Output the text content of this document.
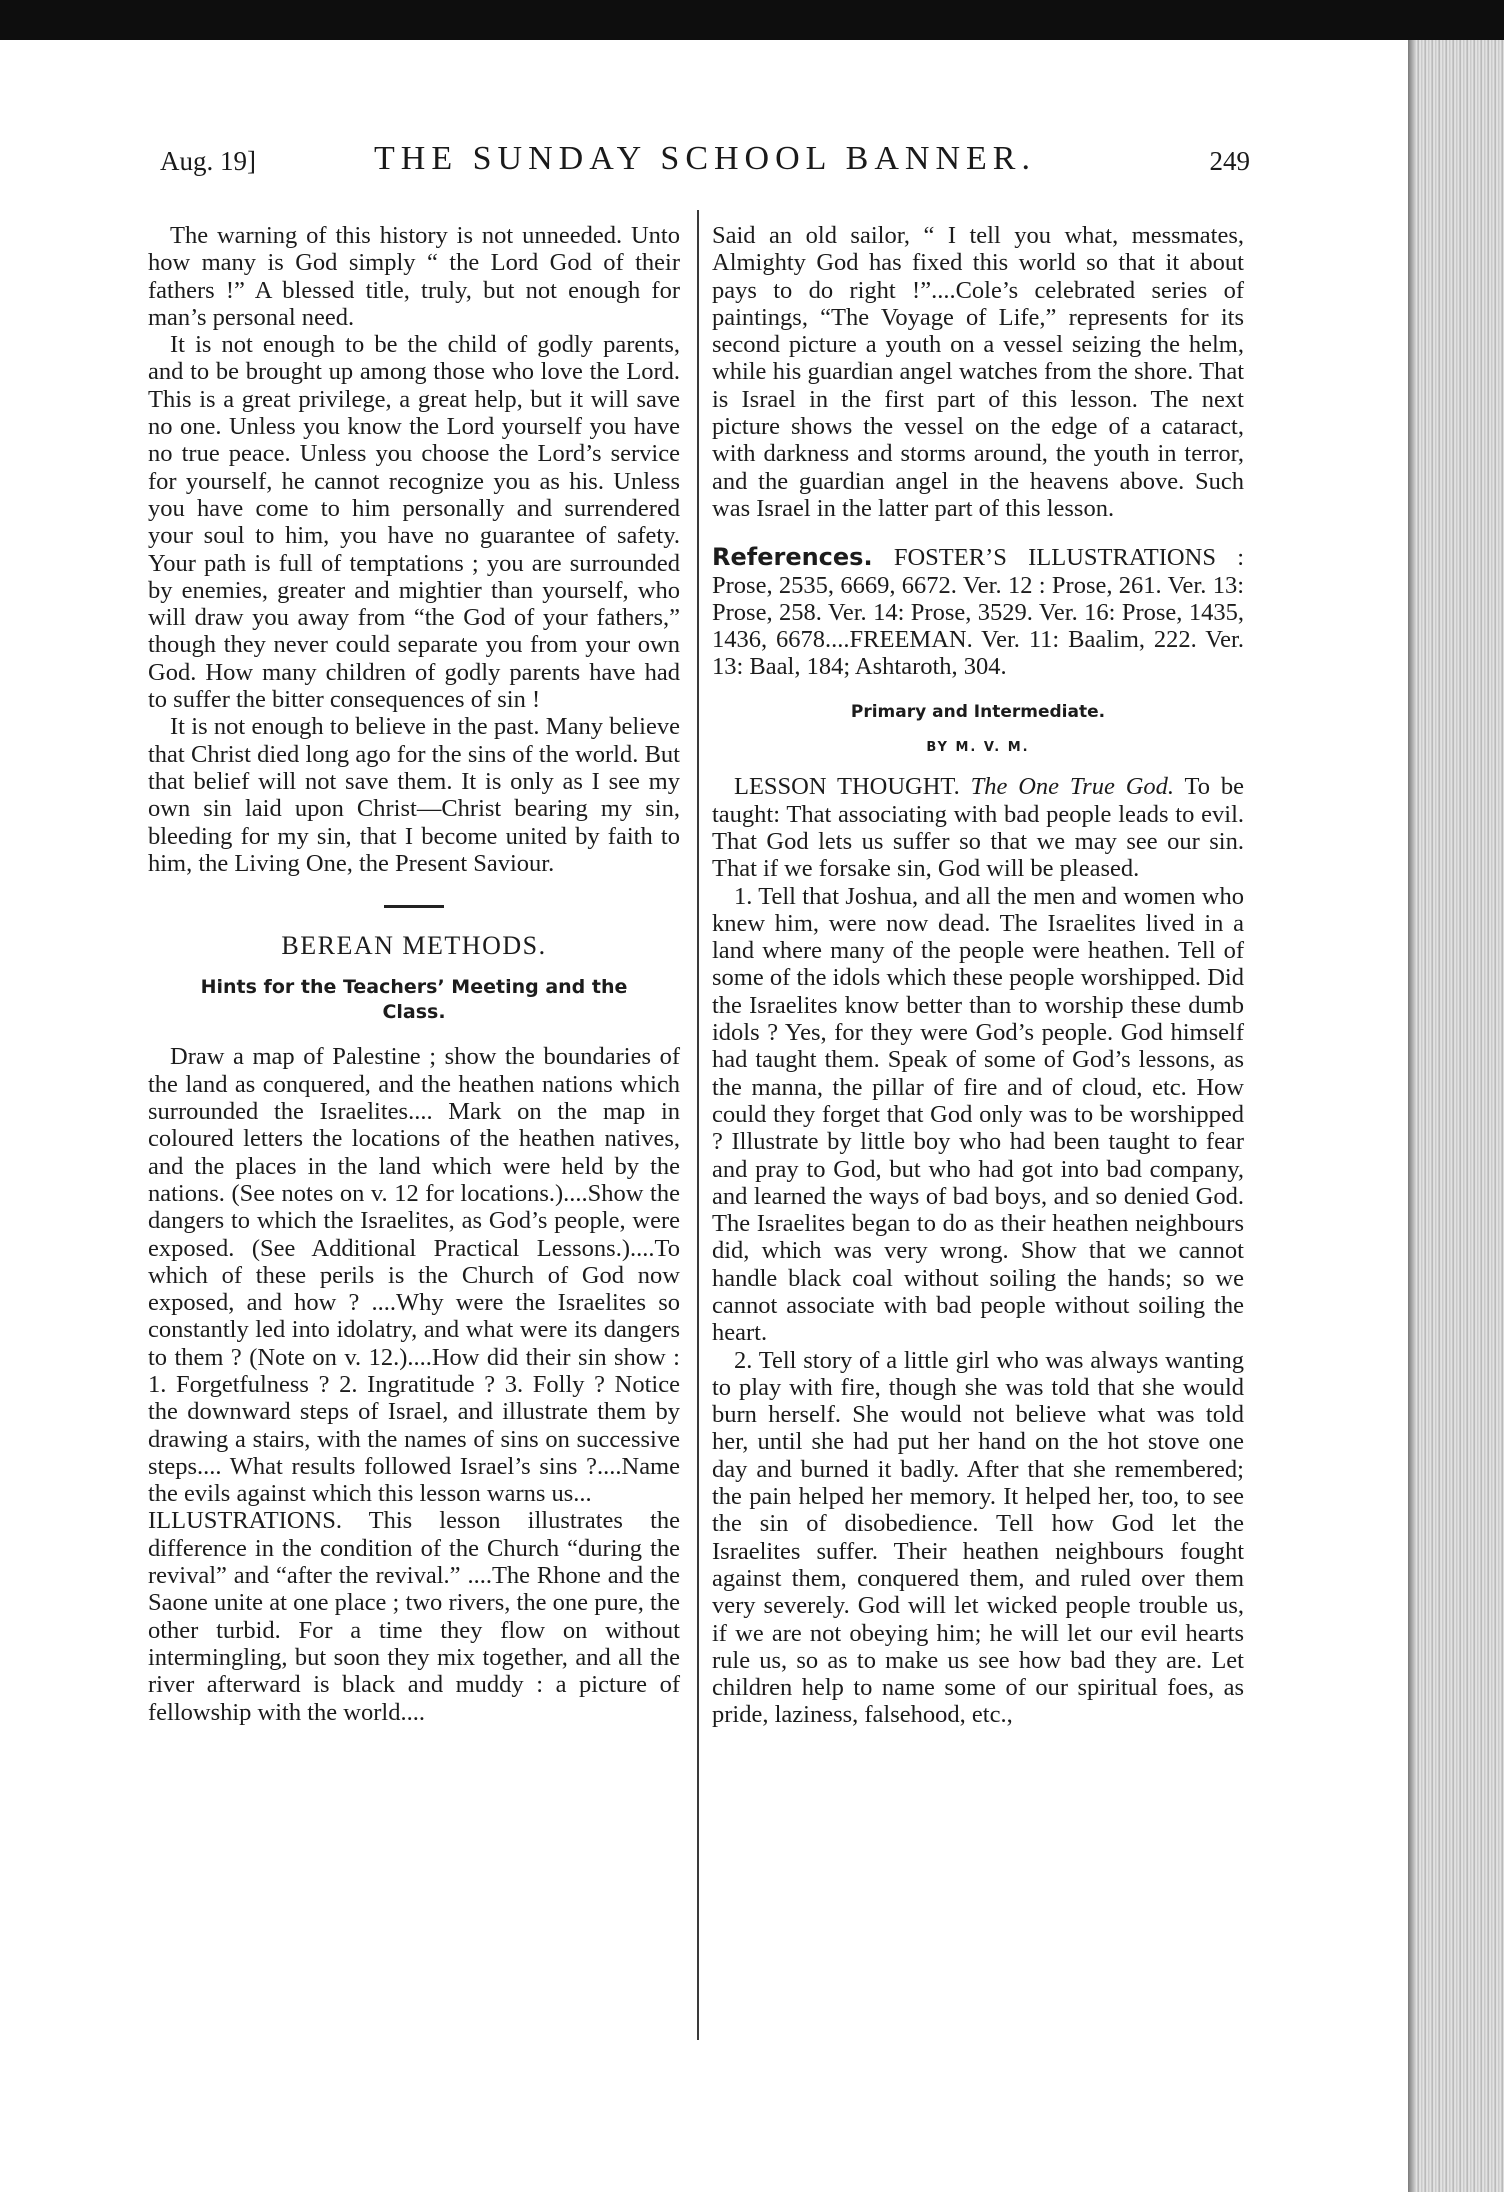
Aug. 19]	THE SUNDAY SCHOOL BANNER.	249

The warning of this history is not unneeded. Unto how many is God simply “ the Lord God of their fathers !” A blessed title, truly, but not enough for man’s personal need.

It is not enough to be the child of godly parents, and to be brought up among those who love the Lord. This is a great privilege, a great help, but it will save no one. Unless you know the Lord yourself you have no true peace. Unless you choose the Lord’s service for yourself, he cannot recognize you as his. Unless you have come to him personally and surrendered your soul to him, you have no guarantee of safety. Your path is full of temptations ; you are surrounded by enemies, greater and mightier than yourself, who will draw you away from “the God of your fathers,” though they never could separate you from your own God. How many children of godly parents have had to suffer the bitter consequences of sin !

It is not enough to believe in the past. Many believe that Christ died long ago for the sins of the world. But that belief will not save them. It is only as I see my own sin laid upon Christ—Christ bearing my sin, bleeding for my sin, that I become united by faith to him, the Living One, the Present Saviour.

BEREAN METHODS.
Hints for the Teachers’ Meeting and the Class.

Draw a map of Palestine ; show the boundaries of the land as conquered, and the heathen nations which surrounded the Israelites.... Mark on the map in coloured letters the locations of the heathen natives, and the places in the land which were held by the nations. (See notes on v. 12 for locations.)....Show the dangers to which the Israelites, as God’s people, were exposed. (See Additional Practical Lessons.)....To which of these perils is the Church of God now exposed, and how ? ....Why were the Israelites so constantly led into idolatry, and what were its dangers to them ? (Note on v. 12.)....How did their sin show : 1. Forgetfulness ? 2. Ingratitude ? 3. Folly ? Notice the downward steps of Israel, and illustrate them by drawing a stairs, with the names of sins on successive steps.... What results followed Israel’s sins ?....Name the evils against which this lesson warns us...

ILLUSTRATIONS. This lesson illustrates the difference in the condition of the Church “during the revival” and “after the revival.” ....The Rhone and the Saone unite at one place ; two rivers, the one pure, the other turbid. For a time they flow on without intermingling, but soon they mix together, and all the river afterward is black and muddy : a picture of fellowship with the world....

Said an old sailor, “ I tell you what, messmates, Almighty God has fixed this world so that it about pays to do right !”....Cole’s celebrated series of paintings, “The Voyage of Life,” represents for its second picture a youth on a vessel seizing the helm, while his guardian angel watches from the shore. That is Israel in the first part of this lesson. The next picture shows the vessel on the edge of a cataract, with darkness and storms around, the youth in terror, and the guardian angel in the heavens above. Such was Israel in the latter part of this lesson.

References. FOSTER’S ILLUSTRATIONS : Prose, 2535, 6669, 6672. Ver. 12 : Prose, 261. Ver. 13: Prose, 258. Ver. 14: Prose, 3529. Ver. 16: Prose, 1435, 1436, 6678....FREEMAN. Ver. 11: Baalim, 222. Ver. 13: Baal, 184; Ashtaroth, 304.

Primary and Intermediate.
BY M. V. M.

LESSON THOUGHT. The One True God. To be taught: That associating with bad people leads to evil. That God lets us suffer so that we may see our sin. That if we forsake sin, God will be pleased.

1. Tell that Joshua, and all the men and women who knew him, were now dead. The Israelites lived in a land where many of the people were heathen. Tell of some of the idols which these people worshipped. Did the Israelites know better than to worship these dumb idols ? Yes, for they were God’s people. God himself had taught them. Speak of some of God’s lessons, as the manna, the pillar of fire and of cloud, etc. How could they forget that God only was to be worshipped ? Illustrate by little boy who had been taught to fear and pray to God, but who had got into bad company, and learned the ways of bad boys, and so denied God. The Israelites began to do as their heathen neighbours did, which was very wrong. Show that we cannot handle black coal without soiling the hands; so we cannot associate with bad people without soiling the heart.

2. Tell story of a little girl who was always wanting to play with fire, though she was told that she would burn herself. She would not believe what was told her, until she had put her hand on the hot stove one day and burned it badly. After that she remembered; the pain helped her memory. It helped her, too, to see the sin of disobedience. Tell how God let the Israelites suffer. Their heathen neighbours fought against them, conquered them, and ruled over them very severely. God will let wicked people trouble us, if we are not obeying him; he will let our evil hearts rule us, so as to make us see how bad they are. Let children help to name some of our spiritual foes, as pride, laziness, falsehood, etc.,
